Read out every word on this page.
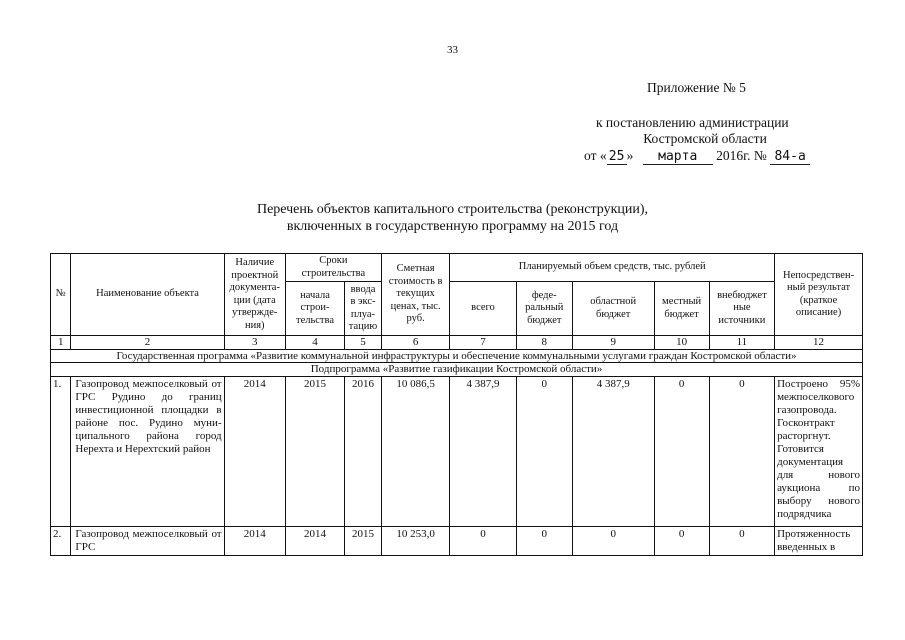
33
Приложение № 5
к постановлению администрации
Костромской области
от « 25 » марта 2016г. № 84-а
Перечень объектов капитального строительства (реконструкции),
включенных в государственную программу на 2015 год
№	Наименование объекта	Наличие проектной документа-ции (дата утвержде-ния)	Сроки строительства		Сметная стоимость в текущих ценах, тыс. руб.	Планируемый объем средств, тыс. рублей					Непосредствен-ный результат (краткое описание)
			начала строи-тельства	ввода в экс-плуа-тацию		всего	феде-ральный бюджет	областной бюджет	местный бюджет	внебюджет ные источники	
1	2	3	4	5	6	7	8	9	10	11	12
Государственная программа «Развитие коммунальной инфраструктуры и обеспечение коммунальными услугами граждан Костромской области»											
Подпрограмма «Развитие газификации Костромской области»											
1.	Газопровод межпоселковый от ГРС Рудино до границ инвестиционной площадки в районе пос. Рудино муни-ципального района город Нерехта и Нерехтский район	2014	2015	2016	10 086,5	4 387,9	0	4 387,9	0	0	Построено 95% межпоселкового газопровода. Госконтракт расторгнут. Готовится документация для нового аукциона по выбору нового подрядчика
2.	Газопровод межпоселковый от ГРС	2014	2014	2015	10 253,0	0	0	0	0	0	Протяженность введенных в
